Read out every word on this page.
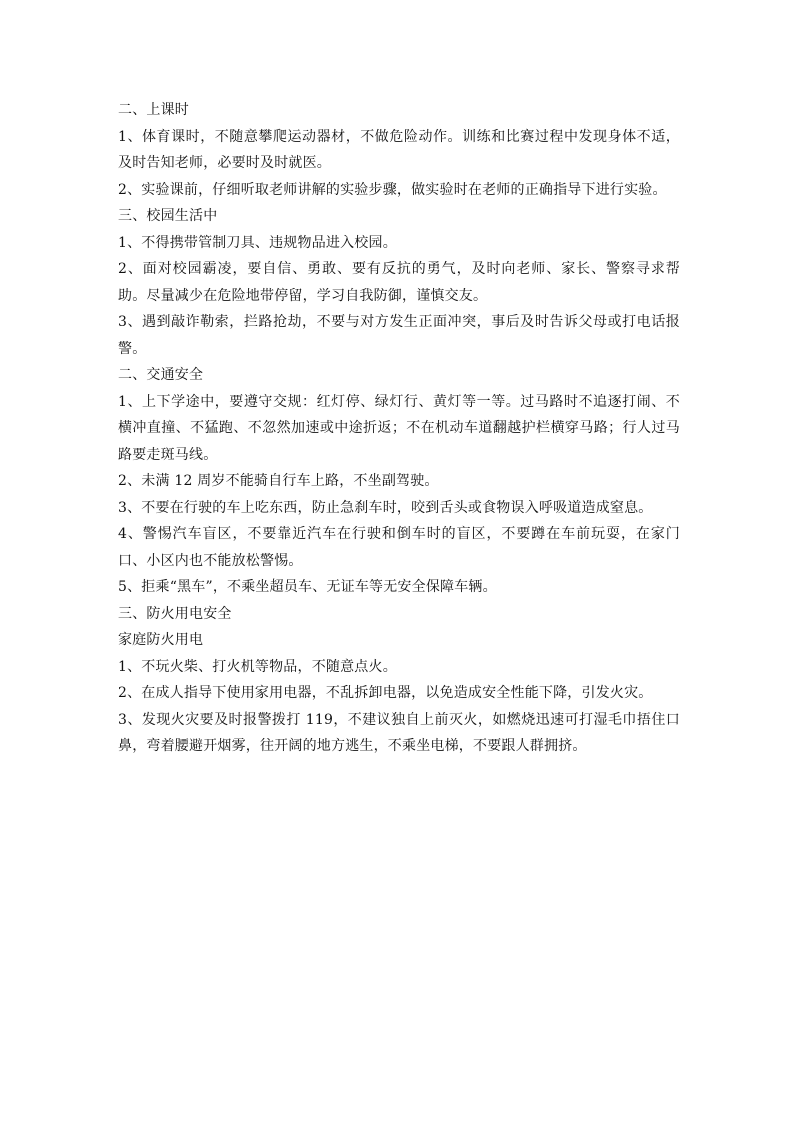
二、上课时

1、体育课时，不随意攀爬运动器材，不做危险动作。训练和比赛过程中发现身体不适，及时告知老师，必要时及时就医。

2、实验课前，仔细听取老师讲解的实验步骤，做实验时在老师的正确指导下进行实验。

三、校园生活中

1、不得携带管制刀具、违规物品进入校园。

2、面对校园霸凌，要自信、勇敢、要有反抗的勇气，及时向老师、家长、警察寻求帮助。尽量减少在危险地带停留，学习自我防御，谨慎交友。

3、遇到敲诈勒索，拦路抢劫，不要与对方发生正面冲突，事后及时告诉父母或打电话报警。

二、交通安全

1、上下学途中，要遵守交规：红灯停、绿灯行、黄灯等一等。过马路时不追逐打闹、不横冲直撞、不猛跑、不忽然加速或中途折返；不在机动车道翻越护栏横穿马路；行人过马路要走斑马线。

2、未满 12 周岁不能骑自行车上路，不坐副驾驶。

3、不要在行驶的车上吃东西，防止急刹车时，咬到舌头或食物误入呼吸道造成窒息。

4、警惕汽车盲区，不要靠近汽车在行驶和倒车时的盲区，不要蹲在车前玩耍，在家门口、小区内也不能放松警惕。

5、拒乘“黑车”，不乘坐超员车、无证车等无安全保障车辆。

三、防火用电安全

家庭防火用电

1、不玩火柴、打火机等物品，不随意点火。

2、在成人指导下使用家用电器，不乱拆卸电器，以免造成安全性能下降，引发火灾。

3、发现火灾要及时报警拨打 119，不建议独自上前灭火，如燃烧迅速可打湿毛巾捂住口鼻，弯着腰避开烟雾，往开阔的地方逃生，不乘坐电梯，不要跟人群拥挤。
